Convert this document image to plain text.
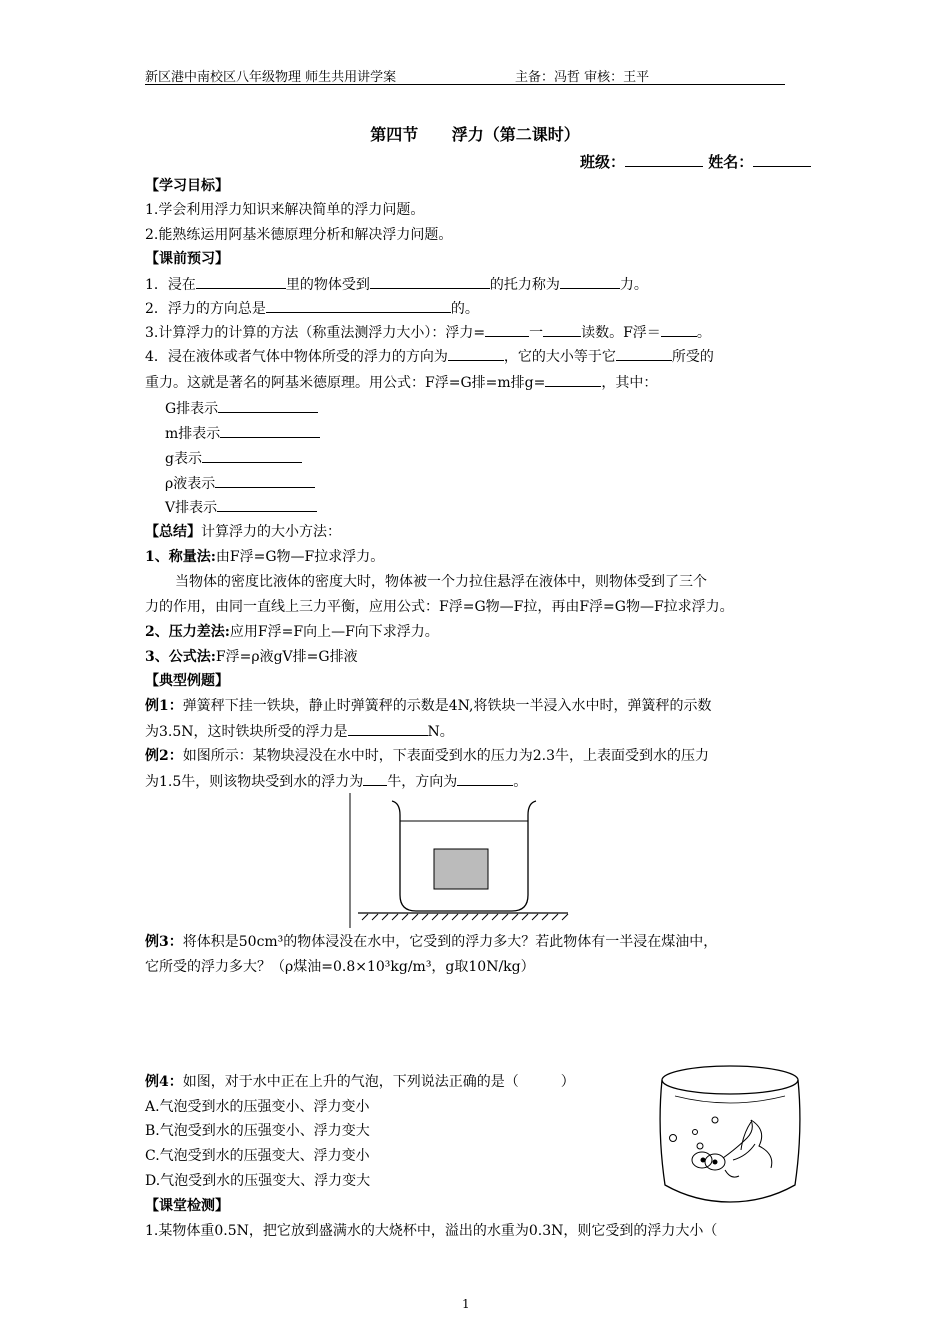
新区港中南校区八年级物理 师生共用讲学案	主备：冯哲 审核：王平
第四节 浮力（第二课时）
班级：	姓名：
【学习目标】
1.学会利用浮力知识来解决简单的浮力问题。
2.能熟练运用阿基米德原理分析和解决浮力问题。
【课前预习】
1．浸在	里的物体受到	的托力称为	力。
2．浮力的方向总是	的。
3.计算浮力的计算的方法（称重法测浮力大小）：浮力=	一	读数。F浮＝	。
4．浸在液体或者气体中物体所受的浮力的方向为	，它的大小等于它	所受的
重力。这就是著名的阿基米德原理。用公式：F浮=G排=m排g=	，其中：
G排表示
m排表示
g表示
ρ液表示
V排表示
【总结】计算浮力的大小方法：
1、称量法:由F浮=G物—F拉求浮力。
当物体的密度比液体的密度大时，物体被一个力拉住悬浮在液体中，则物体受到了三个
力的作用，由同一直线上三力平衡，应用公式：F浮=G物—F拉，再由F浮=G物—F拉求浮力。
2、压力差法:应用F浮=F向上—F向下求浮力。
3、公式法:F浮=ρ液gV排=G排液
【典型例题】
例1：弹簧秤下挂一铁块，静止时弹簧秤的示数是4N,将铁块一半浸入水中时，弹簧秤的示数
为3.5N，这时铁块所受的浮力是	N。
例2：如图所示：某物块浸没在水中时，下表面受到水的压力为2.3牛，上表面受到水的压力
为1.5牛，则该物块受到水的浮力为 牛，方向为	。
例3：将体积是50cm³的物体浸没在水中，它受到的浮力多大？若此物体有一半浸在煤油中，
它所受的浮力多大？（ρ煤油=0.8×10³kg/m³，g取10N/kg）
例4：如图，对于水中正在上升的气泡，下列说法正确的是（　　　）
A.气泡受到水的压强变小、浮力变小
B.气泡受到水的压强变小、浮力变大
C.气泡受到水的压强变大、浮力变小
D.气泡受到水的压强变大、浮力变大
【课堂检测】
1.某物体重0.5N，把它放到盛满水的大烧杯中，溢出的水重为0.3N，则它受到的浮力大小（
1
